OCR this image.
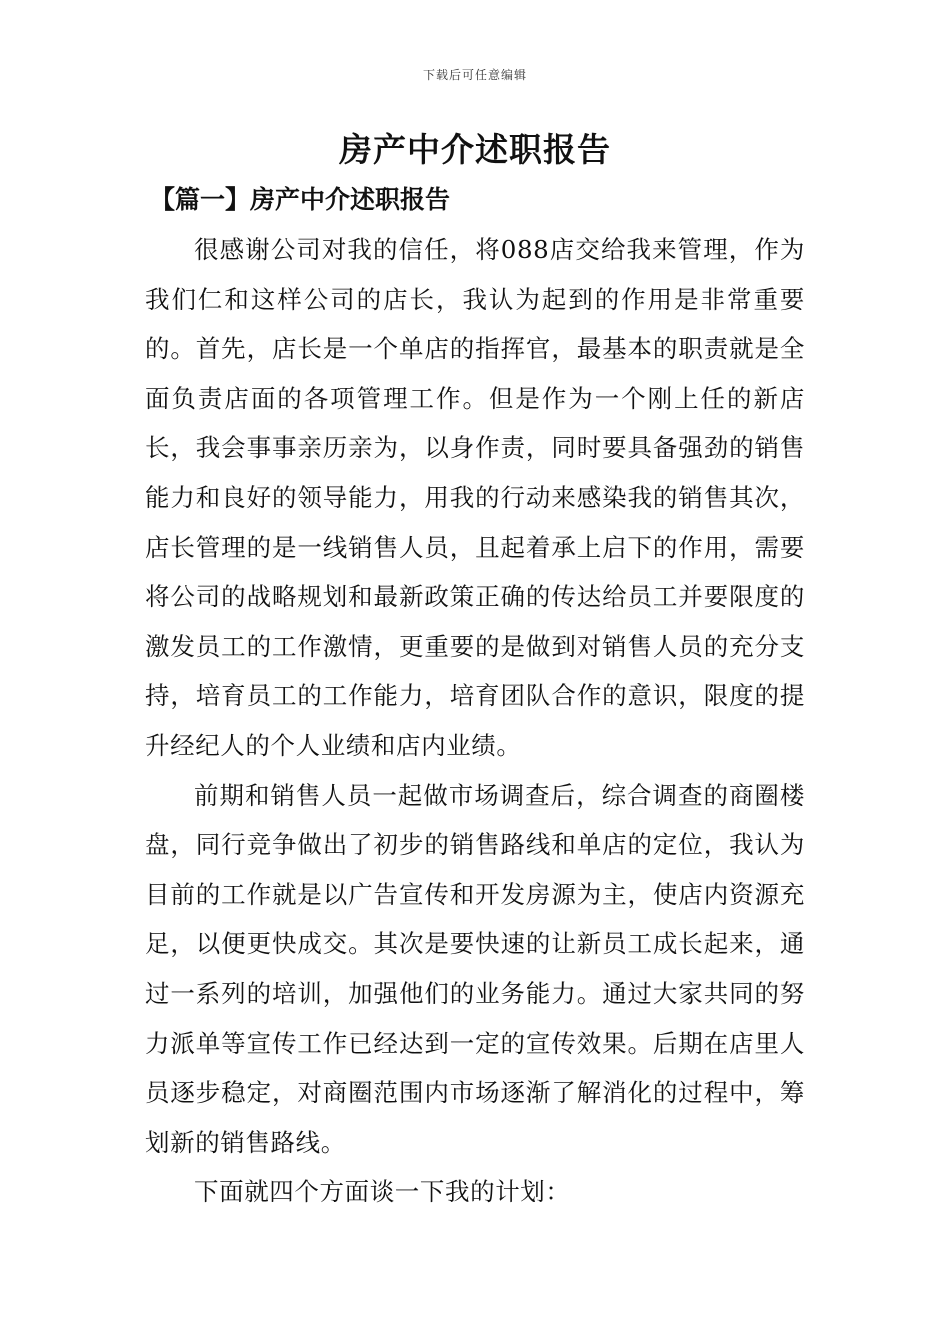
下载后可任意编辑
房产中介述职报告
【篇一】房产中介述职报告

很感谢公司对我的信任，将088店交给我来管理，作为我们仁和这样公司的店长，我认为起到的作用是非常重要的。首先，店长是一个单店的指挥官，最基本的职责就是全面负责店面的各项管理工作。但是作为一个刚上任的新店长，我会事事亲历亲为，以身作责，同时要具备强劲的销售能力和良好的领导能力，用我的行动来感染我的销售其次，店长管理的是一线销售人员，且起着承上启下的作用，需要将公司的战略规划和最新政策正确的传达给员工并要限度的激发员工的工作激情，更重要的是做到对销售人员的充分支持，培育员工的工作能力，培育团队合作的意识，限度的提升经纪人的个人业绩和店内业绩。

前期和销售人员一起做市场调查后，综合调查的商圈楼盘，同行竞争做出了初步的销售路线和单店的定位，我认为目前的工作就是以广告宣传和开发房源为主，使店内资源充足，以便更快成交。其次是要快速的让新员工成长起来，通过一系列的培训，加强他们的业务能力。通过大家共同的努力派单等宣传工作已经达到一定的宣传效果。后期在店里人员逐步稳定，对商圈范围内市场逐渐了解消化的过程中，筹划新的销售路线。

下面就四个方面谈一下我的计划：
